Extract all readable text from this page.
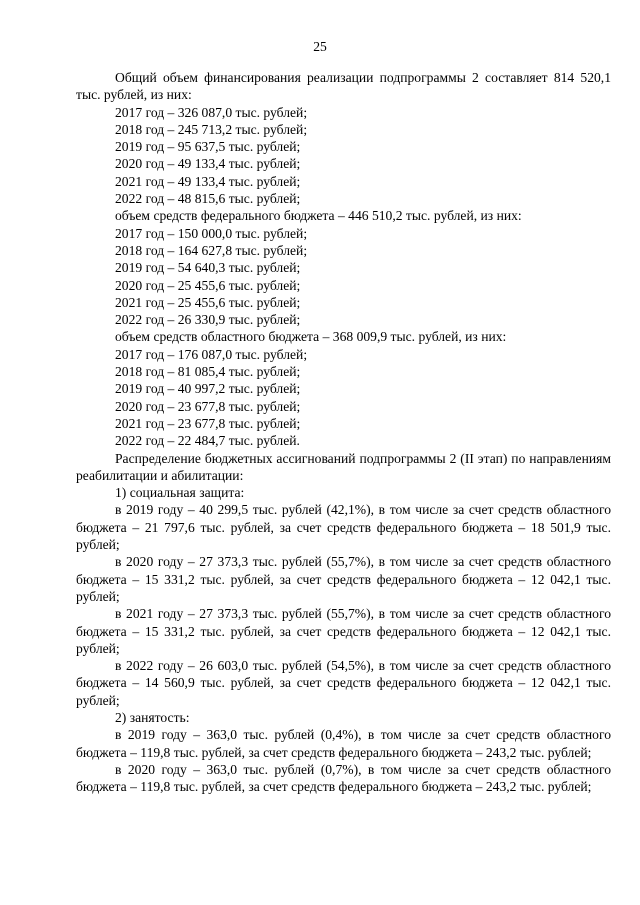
25

Общий объем финансирования реализации подпрограммы 2 составляет 814 520,1 тыс. рублей, из них:

2017 год – 326 087,0 тыс. рублей;

2018 год – 245 713,2 тыс. рублей;

2019 год – 95 637,5 тыс. рублей;

2020 год – 49 133,4 тыс. рублей;

2021 год – 49 133,4 тыс. рублей;

2022 год – 48 815,6 тыс. рублей;

объем средств федерального бюджета – 446 510,2 тыс. рублей, из них:

2017 год – 150 000,0 тыс. рублей;

2018 год – 164 627,8 тыс. рублей;

2019 год – 54 640,3 тыс. рублей;

2020 год – 25 455,6 тыс. рублей;

2021 год – 25 455,6 тыс. рублей;

2022 год – 26 330,9 тыс. рублей;

объем средств областного бюджета – 368 009,9 тыс. рублей, из них:

2017 год – 176 087,0 тыс. рублей;

2018 год – 81 085,4 тыс. рублей;

2019 год – 40 997,2 тыс. рублей;

2020 год – 23 677,8 тыс. рублей;

2021 год – 23 677,8 тыс. рублей;

2022 год – 22 484,7 тыс. рублей.

Распределение бюджетных ассигнований подпрограммы 2 (II этап) по направлениям реабилитации и абилитации:

1) социальная защита:

в 2019 году – 40 299,5 тыс. рублей (42,1%), в том числе за счет средств областного бюджета – 21 797,6 тыс. рублей, за счет средств федерального бюджета – 18 501,9 тыс. рублей;

в 2020 году – 27 373,3 тыс. рублей (55,7%), в том числе за счет средств областного бюджета – 15 331,2 тыс. рублей, за счет средств федерального бюджета – 12 042,1 тыс. рублей;

в 2021 году – 27 373,3 тыс. рублей (55,7%), в том числе за счет средств областного бюджета – 15 331,2 тыс. рублей, за счет средств федерального бюджета – 12 042,1 тыс. рублей;

в 2022 году – 26 603,0 тыс. рублей (54,5%), в том числе за счет средств областного бюджета – 14 560,9 тыс. рублей, за счет средств федерального бюджета – 12 042,1 тыс. рублей;

2) занятость:

в 2019 году – 363,0 тыс. рублей (0,4%), в том числе за счет средств областного бюджета – 119,8 тыс. рублей, за счет средств федерального бюджета – 243,2 тыс. рублей;

в 2020 году – 363,0 тыс. рублей (0,7%), в том числе за счет средств областного бюджета – 119,8 тыс. рублей, за счет средств федерального бюджета – 243,2 тыс. рублей;
